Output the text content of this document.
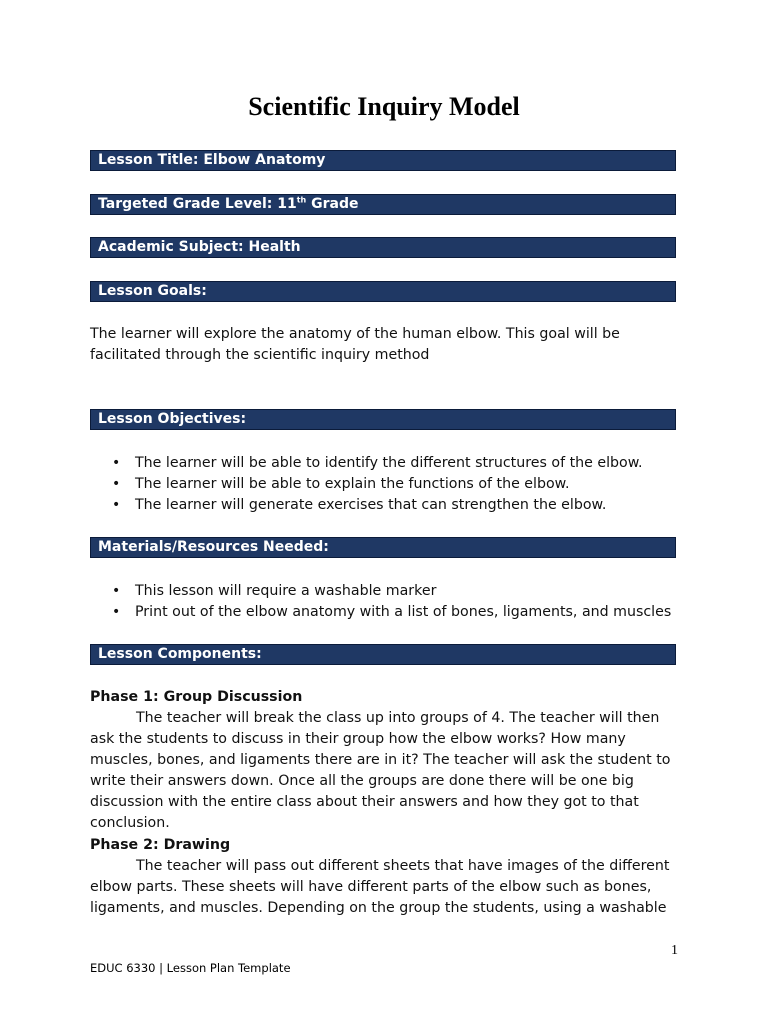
Scientific Inquiry Model
Lesson Title: Elbow Anatomy
Targeted Grade Level: 11th Grade
Academic Subject: Health
Lesson Goals:

The learner will explore the anatomy of the human elbow. This goal will be facilitated through the scientific inquiry method

Lesson Objectives:
• The learner will be able to identify the different structures of the elbow.
• The learner will be able to explain the functions of the elbow.
• The learner will generate exercises that can strengthen the elbow.
Materials/Resources Needed:
• This lesson will require a washable marker
• Print out of the elbow anatomy with a list of bones, ligaments, and muscles
Lesson Components:
Phase 1: Group Discussion

The teacher will break the class up into groups of 4. The teacher will then ask the students to discuss in their group how the elbow works? How many muscles, bones, and ligaments there are in it? The teacher will ask the student to write their answers down. Once all the groups are done there will be one big discussion with the entire class about their answers and how they got to that conclusion.

Phase 2: Drawing

The teacher will pass out different sheets that have images of the different elbow parts. These sheets will have different parts of the elbow such as bones, ligaments, and muscles. Depending on the group the students, using a washable

1
EDUC 6330 | Lesson Plan Template
